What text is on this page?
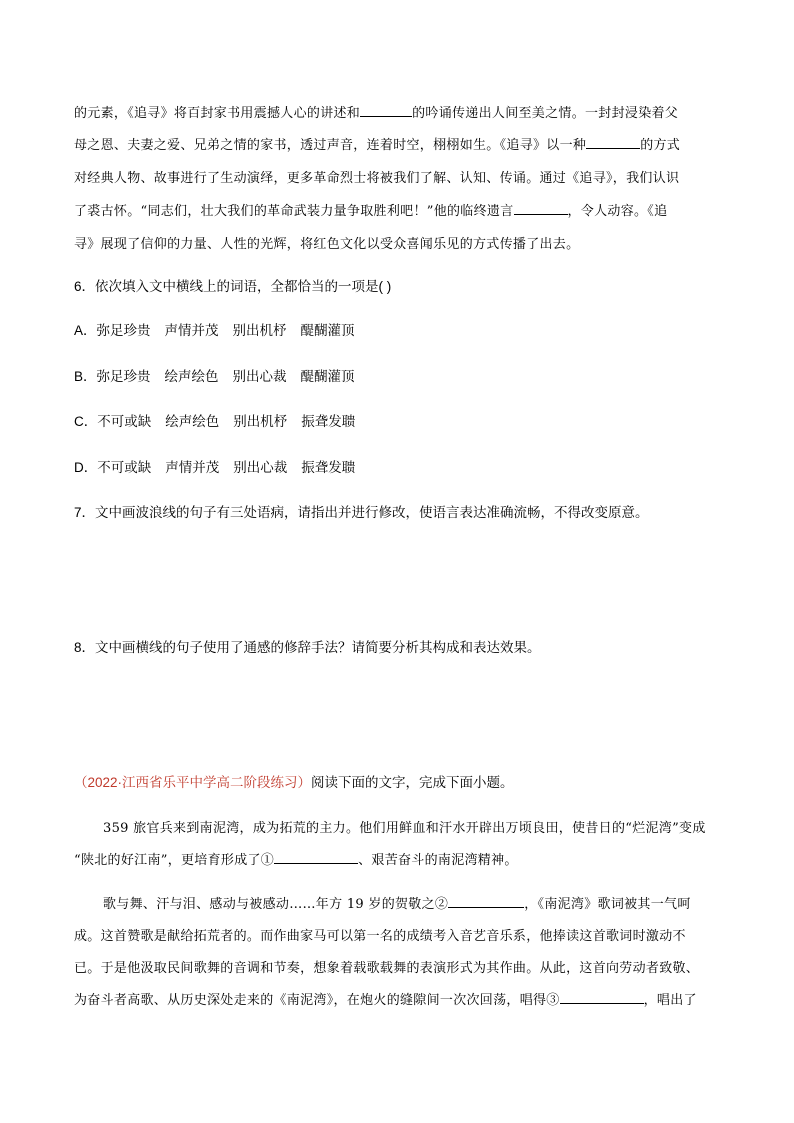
的元素，《追寻》将百封家书用震撼人心的讲述和	的吟诵传递出人间至美之情。一封封浸染着父
母之恩、夫妻之爱、兄弟之情的家书，透过声音，连着时空，栩栩如生。《追寻》以一种	的方式
对经典人物、故事进行了生动演绎，更多革命烈士将被我们了解、认知、传诵。通过《追寻》，我们认识
了裘古怀。“同志们，壮大我们的革命武装力量争取胜利吧！”他的临终遗言	，令人动容。《追
寻》展现了信仰的力量、人性的光辉，将红色文化以受众喜闻乐见的方式传播了出去。
6．依次填入文中横线上的词语，全都恰当的一项是( )
A．弥足珍贵 声情并茂 别出机杼 醍醐灌顶
B．弥足珍贵 绘声绘色 别出心裁 醍醐灌顶
C．不可或缺 绘声绘色 别出机杼 振聋发聩
D．不可或缺 声情并茂 别出心裁 振聋发聩
7．文中画波浪线的句子有三处语病，请指出并进行修改，使语言表达准确流畅，不得改变原意。
8．文中画横线的句子使用了通感的修辞手法？请简要分析其构成和表达效果。
（2022·江西省乐平中学高二阶段练习）阅读下面的文字，完成下面小题。
359 旅官兵来到南泥湾，成为拓荒的主力。他们用鲜血和汗水开辟出万顷良田，使昔日的“烂泥湾”变成
“陕北的好江南”，更培育形成了①	、艰苦奋斗的南泥湾精神。
歌与舞、汗与泪、感动与被感动……年方 19 岁的贺敬之②	，《南泥湾》歌词被其一气呵
成。这首赞歌是献给拓荒者的。而作曲家马可以第一名的成绩考入音艺音乐系，他捧读这首歌词时激动不
已。于是他汲取民间歌舞的音调和节奏，想象着载歌载舞的表演形式为其作曲。从此，这首向劳动者致敬、
为奋斗者高歌、从历史深处走来的《南泥湾》，在炮火的缝隙间一次次回荡，唱得③	，唱出了
